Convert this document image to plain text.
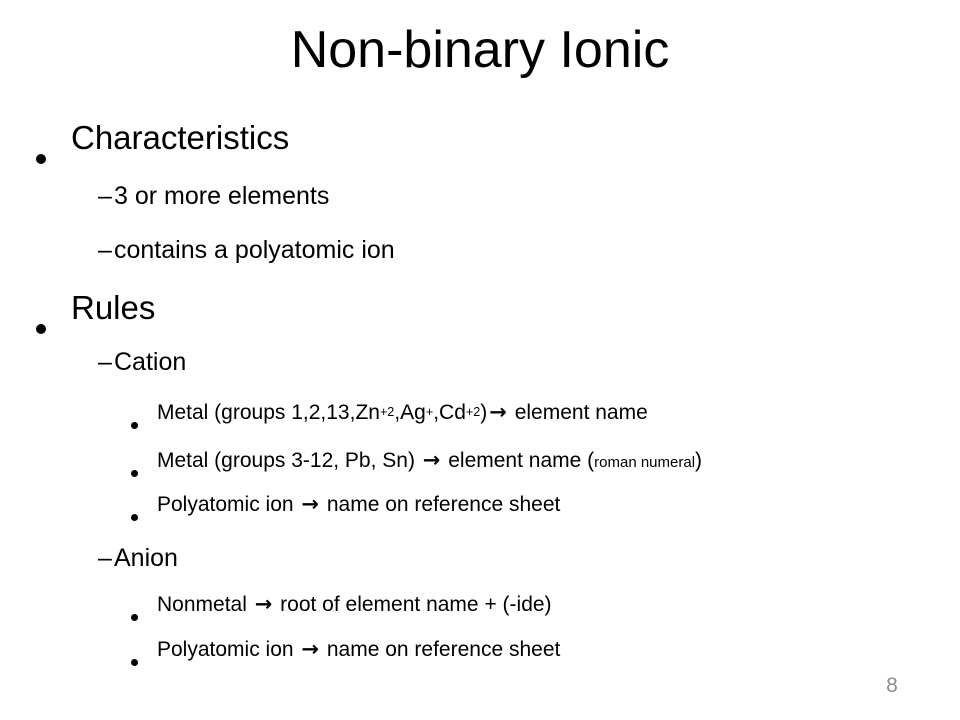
Non-binary Ionic
Characteristics
– 3 or more elements
– contains a polyatomic ion
Rules
– Cation
Metal (groups $1,2,13,Zn^{+2},Ag^+,Cd^{+2})\to$ element name
Metal (groups 3-12, Pb, Sn) → element name (roman numeral)
Polyatomic ion → name on reference sheet
– Anion
Nonmetal → root of element name + (-ide)
Polyatomic ion → name on reference sheet
8
